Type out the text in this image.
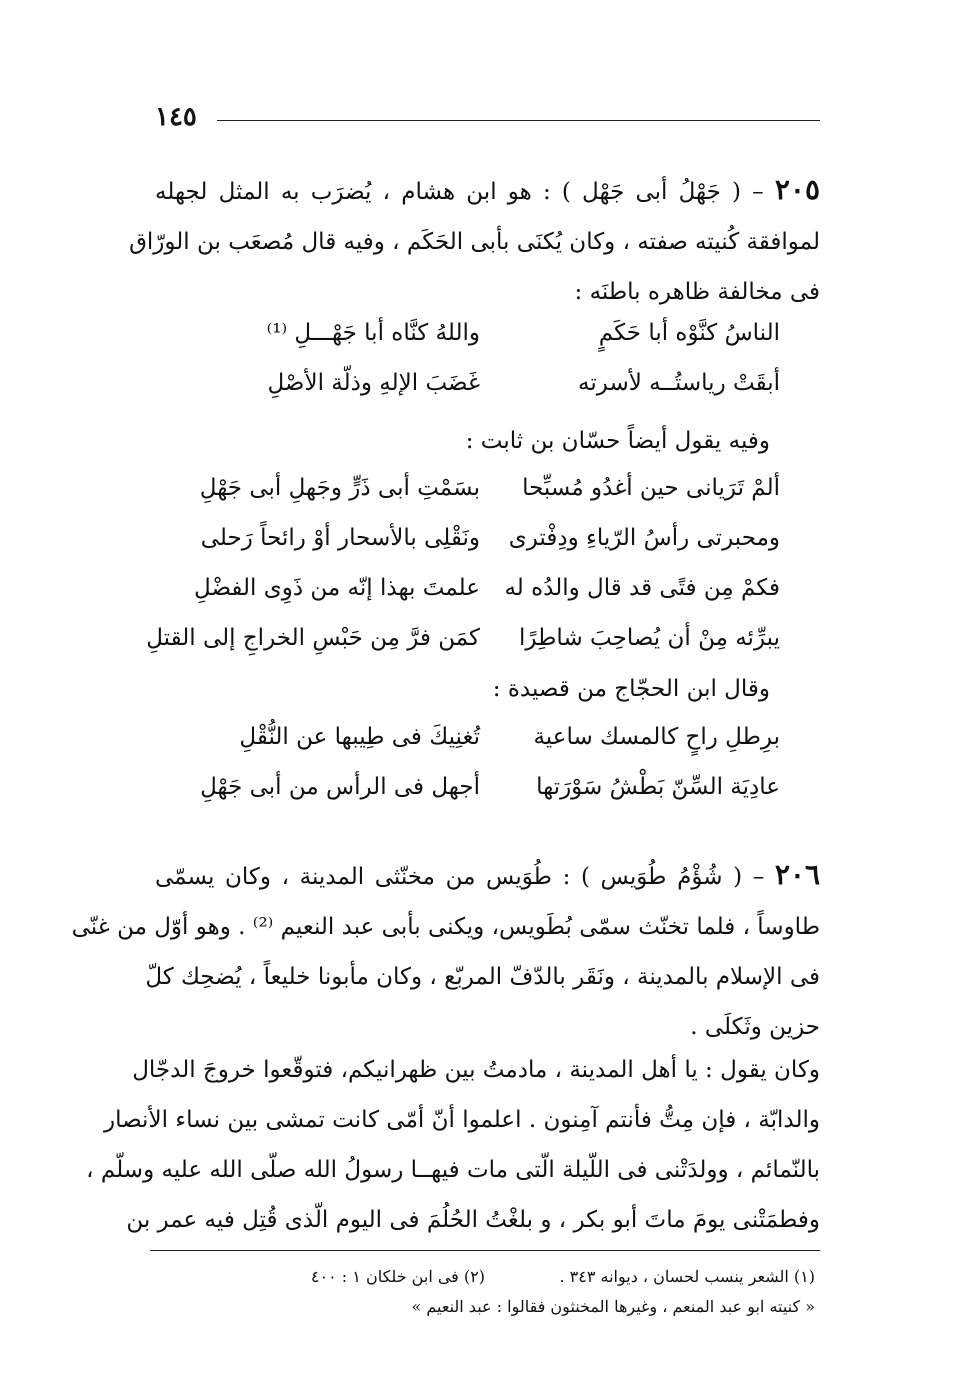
١٤٥
٢٠٥ – ( جَهْلُ أبى جَهْل ) : هو ابن هشام ، يُضرَب به المثل لجهله
لموافقة كُنيته صفته ، وكان يُكنَى بأبى الحَكَم ، وفيه قال مُصعَب بن الورّاق
فى مخالفة ظاهره باطنَه :
الناسُ كنَّوْه أبا حَكَمٍ
واللهُ كنَّاه أبا جَهْـــلِ ⁽¹⁾
أبقَتْ رياستُــه لأسرته
غَضَبَ الإلهِ وذلّة الأصْلِ
وفيه يقول أيضاً حسّان بن ثابت :
ألمْ تَرَيانى حين أغدُو مُسبِّحا
بسَمْتِ أبى ذَرٍّ وجَهلِ أبى جَهْلِ
ومحبرتى رأسُ الرّياءِ ودِفْترى
ونَقْلِى بالأسحار أوْ رائحاً رَحلى
فكمْ مِن فتًى قد قال والدُه له
علمتَ بهذا إنّه من ذَوِى الفضْلِ
يبرِّئه مِنْ أن يُصاحِبَ شاطِرًا
كمَن فرَّ مِن حَبْسِ الخراجِ إلى القتلِ
وقال ابن الحجّاج من قصيدة :
برِطلِ راحٍ كالمسك ساعية
تُغنِيكَ فى طِيبها عن النُّقْلِ
عادِيَة السِّنّ بَطْشُ سَوْرَتها
أجهل فى الرأس من أبى جَهْلِ
٢٠٦ – ( شُؤْمُ طُوَيس ) : طُوَيس من مخنّثى المدينة ، وكان يسمّى
طاوساً ، فلما تخنّث سمّى بُطَويس، ويكنى بأبى عبد النعيم ⁽²⁾ . وهو أوّل من غنّى
فى الإسلام بالمدينة ، ونَقَر بالدّفّ المربّع ، وكان مأبونا خليعاً ، يُضحِك كلّ
حزين وثَكلَى .
وكان يقول : يا أهل المدينة ، مادمتُ بين ظهرانيكم، فتوقّعوا خروجَ الدجّال
والدابّة ، فإن مِتُّ فأنتم آمِنون . اعلموا أنّ أمّى كانت تمشى بين نساء الأنصار
بالنّمائم ، وولدَتْنى فى اللّيلة الّتى مات فيهــا رسولُ الله صلّى الله عليه وسلّم ،
وفطمَتْنى يومَ ماتَ أبو بكر ، و بلغْتُ الحُلُمَ فى اليوم الّذى قُتِل فيه عمر بن
(١) الشعر ينسب لحسان ، ديوانه ٣٤٣ .(٢) فى ابن خلكان ١ : ٤٠٠
« كنيته ابو عبد المنعم ، وغيرها المخنثون فقالوا : عبد النعيم »
